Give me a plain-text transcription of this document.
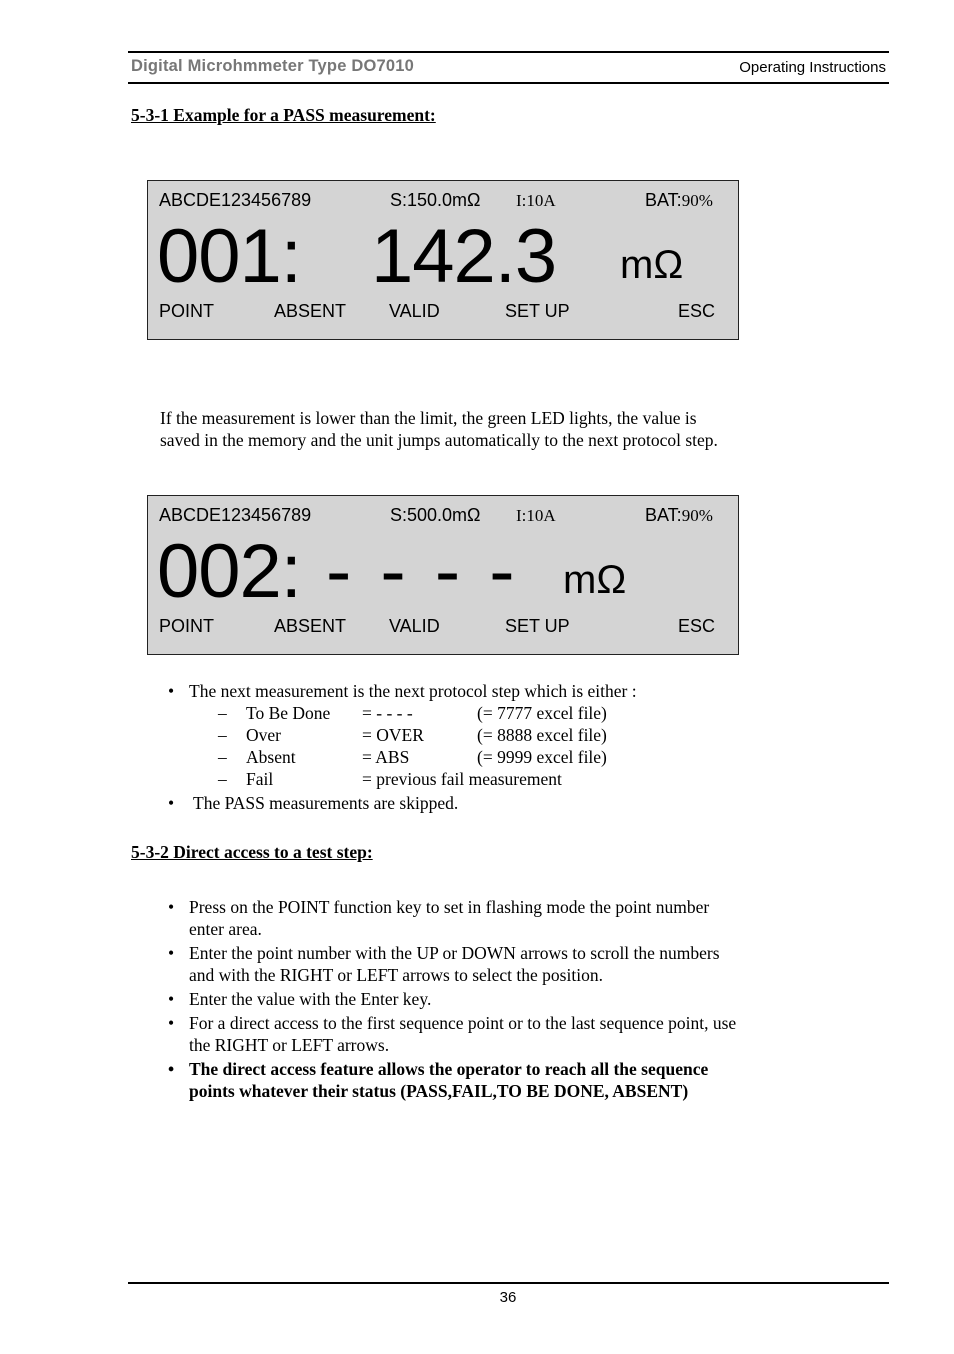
Digital Microhmmeter Type DO7010	Operating Instructions
5-3-1 Example for a PASS measurement:
ABCDE123456789	S:150.0mΩ I:10A	BAT:90%
001: 142.3 mΩ
POINT	ABSENT VALID	SET UP	ESC
If the measurement is lower than the limit, the green LED lights, the value is
saved in the memory and the unit jumps automatically to the next protocol step.
ABCDE123456789	S:500.0mΩ I:10A	BAT:90%
002: - - - - mΩ
POINT	ABSENT VALID	SET UP	ESC
• The next measurement is the next protocol step which is either :
– To Be Done = - - - -	(= 7777 excel file)
– Over	= OVER	(= 8888 excel file)
– Absent	= ABS	(= 9999 excel file)
– Fail	= previous fail measurement
• The PASS measurements are skipped.
5-3-2 Direct access to a test step:
• Press on the POINT function key to set in flashing mode the point number
enter area.
• Enter the point number with the UP or DOWN arrows to scroll the numbers
and with the RIGHT or LEFT arrows to select the position.
• Enter the value with the Enter key.
• For a direct access to the first sequence point or to the last sequence point, use
the RIGHT or LEFT arrows.
• The direct access feature allows the operator to reach all the sequence
points whatever their status (PASS,FAIL,TO BE DONE, ABSENT)
36
